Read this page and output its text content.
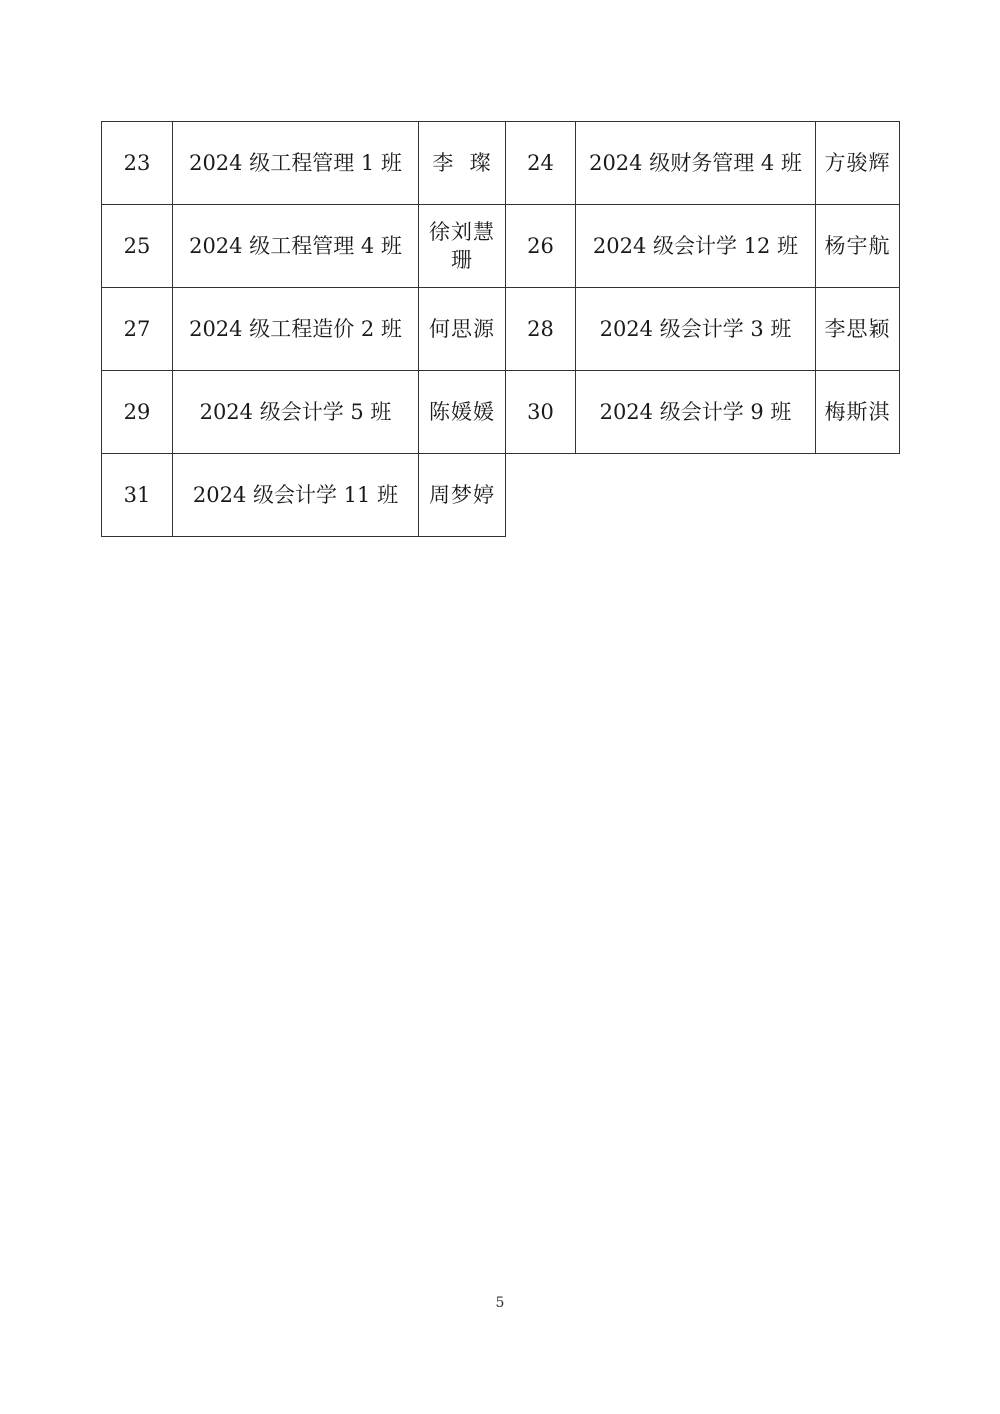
23	2024 级工程管理 1 班	李  璨	24	2024 级财务管理 4 班	方骏辉
25	2024 级工程管理 4 班	徐刘慧珊	26	2024 级会计学 12 班	杨宇航
27	2024 级工程造价 2 班	何思源	28	2024 级会计学 3 班	李思颖
29	2024 级会计学 5 班	陈媛媛	30	2024 级会计学 9 班	梅斯淇
31	2024 级会计学 11 班	周梦婷			
5
